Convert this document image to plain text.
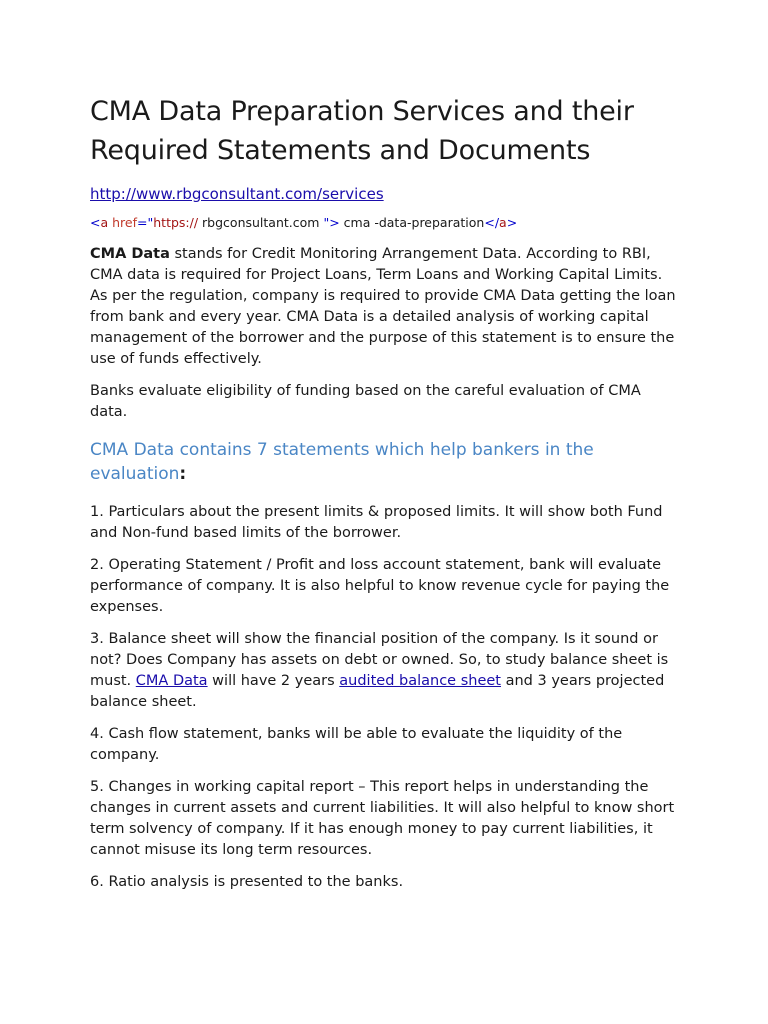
CMA Data Preparation Services and their Required Statements and Documents
http://www.rbgconsultant.com/services
<a href="https:// rbgconsultant.com "> cma -data-preparation</a>

CMA Data stands for Credit Monitoring Arrangement Data. According to RBI, CMA data is required for Project Loans, Term Loans and Working Capital Limits. As per the regulation, company is required to provide CMA Data getting the loan from bank and every year. CMA Data is a detailed analysis of working capital management of the borrower and the purpose of this statement is to ensure the use of funds effectively.

Banks evaluate eligibility of funding based on the careful evaluation of CMA data.

CMA Data contains 7 statements which help bankers in the evaluation:

1. Particulars about the present limits & proposed limits. It will show both Fund and Non-fund based limits of the borrower.

2. Operating Statement / Profit and loss account statement, bank will evaluate performance of company. It is also helpful to know revenue cycle for paying the expenses.

3. Balance sheet will show the financial position of the company. Is it sound or not? Does Company has assets on debt or owned. So, to study balance sheet is must. CMA Data will have 2 years audited balance sheet and 3 years projected balance sheet.

4. Cash flow statement, banks will be able to evaluate the liquidity of the company.

5. Changes in working capital report – This report helps in understanding the changes in current assets and current liabilities. It will also helpful to know short term solvency of company. If it has enough money to pay current liabilities, it cannot misuse its long term resources.

6. Ratio analysis is presented to the banks.
